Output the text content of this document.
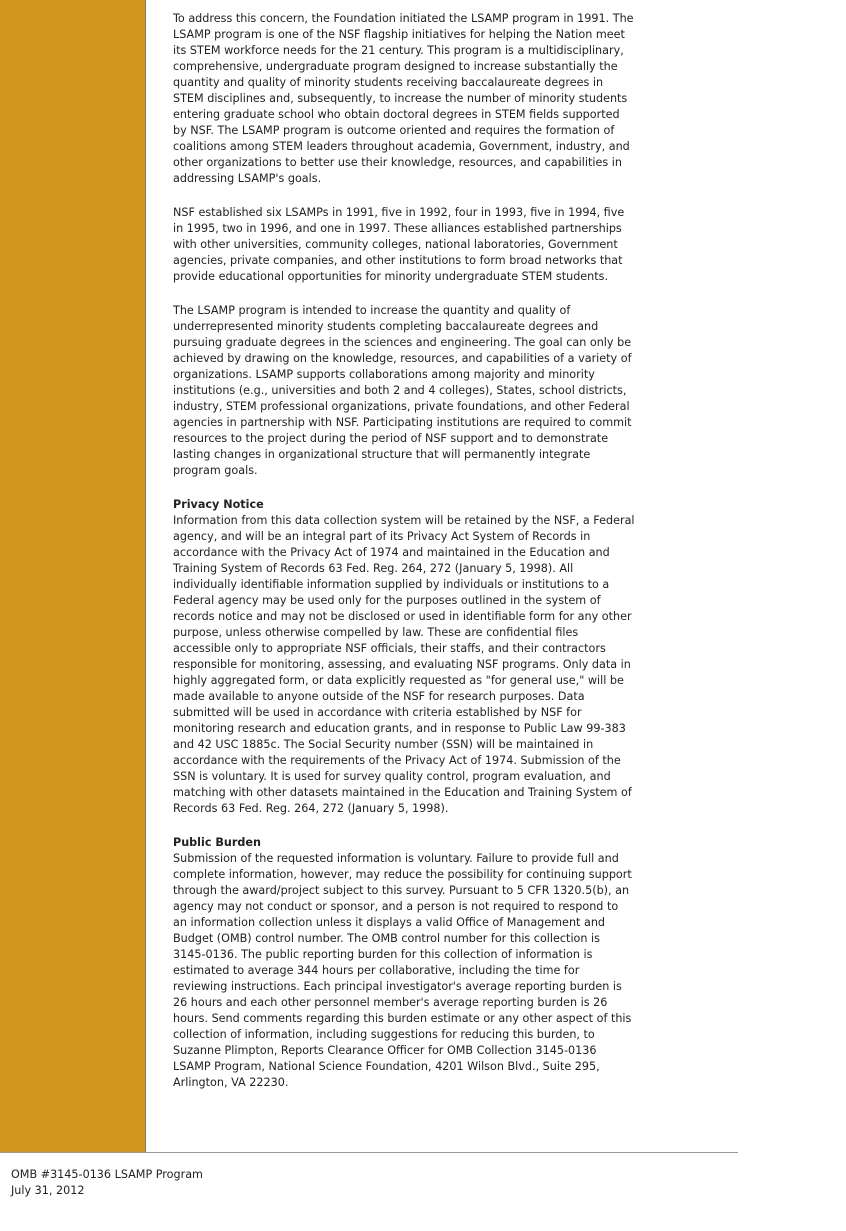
To address this concern, the Foundation initiated the LSAMP program in 1991. The LSAMP program is one of the NSF flagship initiatives for helping the Nation meet its STEM workforce needs for the 21 century. This program is a multidisciplinary, comprehensive, undergraduate program designed to increase substantially the quantity and quality of minority students receiving baccalaureate degrees in STEM disciplines and, subsequently, to increase the number of minority students entering graduate school who obtain doctoral degrees in STEM fields supported by NSF. The LSAMP program is outcome oriented and requires the formation of coalitions among STEM leaders throughout academia, Government, industry, and other organizations to better use their knowledge, resources, and capabilities in addressing LSAMP's goals.

NSF established six LSAMPs in 1991, five in 1992, four in 1993, five in 1994, five in 1995, two in 1996, and one in 1997. These alliances established partnerships with other universities, community colleges, national laboratories, Government agencies, private companies, and other institutions to form broad networks that provide educational opportunities for minority undergraduate STEM students.

The LSAMP program is intended to increase the quantity and quality of underrepresented minority students completing baccalaureate degrees and pursuing graduate degrees in the sciences and engineering. The goal can only be achieved by drawing on the knowledge, resources, and capabilities of a variety of organizations. LSAMP supports collaborations among majority and minority institutions (e.g., universities and both 2 and 4 colleges), States, school districts, industry, STEM professional organizations, private foundations, and other Federal agencies in partnership with NSF. Participating institutions are required to commit resources to the project during the period of NSF support and to demonstrate lasting changes in organizational structure that will permanently integrate program goals.

Privacy Notice

Information from this data collection system will be retained by the NSF, a Federal agency, and will be an integral part of its Privacy Act System of Records in accordance with the Privacy Act of 1974 and maintained in the Education and Training System of Records 63 Fed. Reg. 264, 272 (January 5, 1998). All individually identifiable information supplied by individuals or institutions to a Federal agency may be used only for the purposes outlined in the system of records notice and may not be disclosed or used in identifiable form for any other purpose, unless otherwise compelled by law. These are confidential files accessible only to appropriate NSF officials, their staffs, and their contractors responsible for monitoring, assessing, and evaluating NSF programs. Only data in highly aggregated form, or data explicitly requested as "for general use," will be made available to anyone outside of the NSF for research purposes. Data submitted will be used in accordance with criteria established by NSF for monitoring research and education grants, and in response to Public Law 99-383 and 42 USC 1885c. The Social Security number (SSN) will be maintained in accordance with the requirements of the Privacy Act of 1974. Submission of the SSN is voluntary. It is used for survey quality control, program evaluation, and matching with other datasets maintained in the Education and Training System of Records 63 Fed. Reg. 264, 272 (January 5, 1998).

Public Burden

Submission of the requested information is voluntary. Failure to provide full and complete information, however, may reduce the possibility for continuing support through the award/project subject to this survey. Pursuant to 5 CFR 1320.5(b), an agency may not conduct or sponsor, and a person is not required to respond to an information collection unless it displays a valid Office of Management and Budget (OMB) control number. The OMB control number for this collection is 3145-0136. The public reporting burden for this collection of information is estimated to average 344 hours per collaborative, including the time for reviewing instructions. Each principal investigator's average reporting burden is 26 hours and each other personnel member's average reporting burden is 26 hours. Send comments regarding this burden estimate or any other aspect of this collection of information, including suggestions for reducing this burden, to Suzanne Plimpton, Reports Clearance Officer for OMB Collection 3145-0136 LSAMP Program, National Science Foundation, 4201 Wilson Blvd., Suite 295, Arlington, VA 22230.

OMB #3145-0136 LSAMP Program
July 31, 2012
